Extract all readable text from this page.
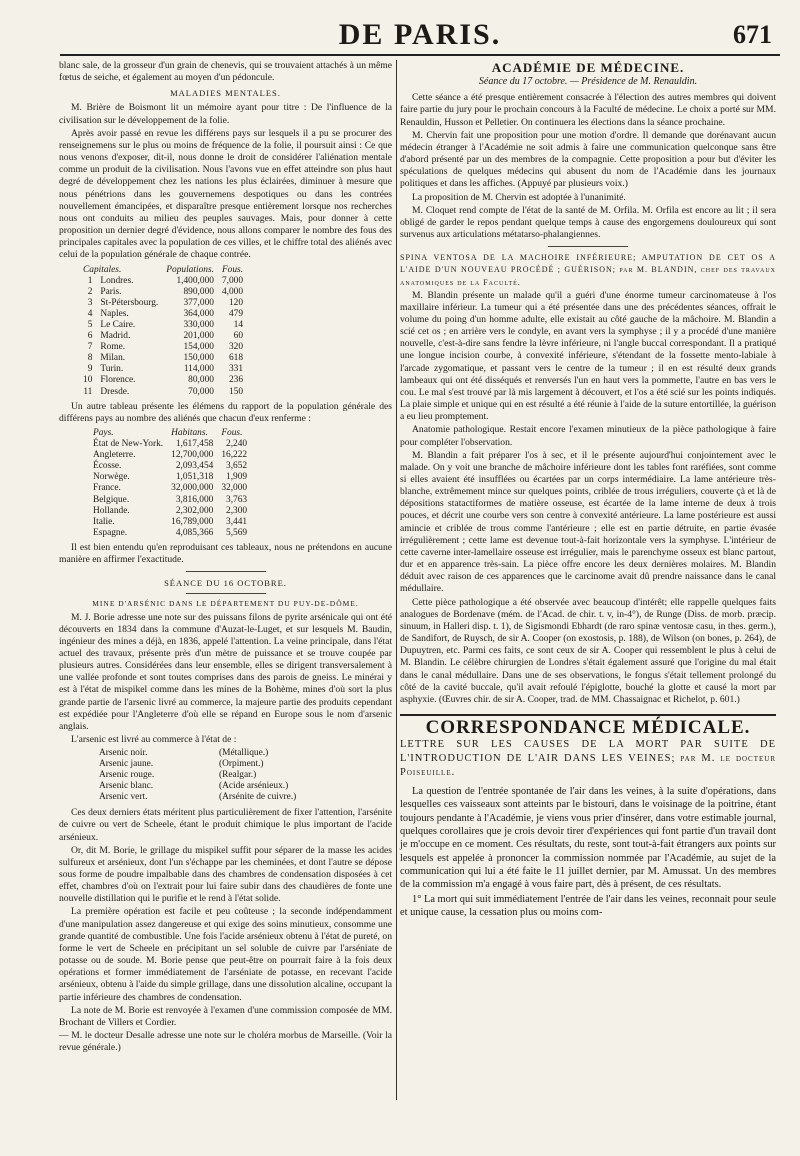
DE PARIS.	671

blanc sale, de la grosseur d'un grain de chenevis, qui se trouvaient attachés à un même fœtus de seiche, et également au moyen d'un pédoncule.

MALADIES MENTALES.

M. Brière de Boismont lit un mémoire ayant pour titre : De l'influence de la civilisation sur le développement de la folie.

Après avoir passé en revue les différens pays sur lesquels il a pu se procurer des renseignemens sur le plus ou moins de fréquence de la folie, il poursuit ainsi : Ce que nous venons d'exposer, dit-il, nous donne le droit de considérer l'aliénation mentale comme un produit de la civilisation. Nous l'avons vue en effet atteindre son plus haut degré de développement chez les nations les plus éclairées, diminuer à mesure que nous pénétrions dans les gouvernemens despotiques ou dans les contrées nouvellement émancipées, et disparaître presque entièrement lorsque nos recherches nous ont conduits au milieu des peuples sauvages. Mais, pour donner à cette proposition un dernier degré d'évidence, nous allons comparer le nombre des fous des principales capitales avec la population de ces villes, et le chiffre total des aliénés avec celui de la population générale de chaque contrée.

Capitales.		Populations.	Fous.
1	Londres.	1,400,000	7,000
2	Paris.	890,000	4,000
3	St-Pétersbourg.	377,000	120
4	Naples.	364,000	479
5	Le Caire.	330,000	14
6	Madrid.	201,000	60
7	Rome.	154,000	320
8	Milan.	150,000	618
9	Turin.	114,000	331
10	Florence.	80,000	236
11	Dresde.	70,000	150

Un autre tableau présente les élémens du rapport de la population générale des différens pays au nombre des aliénés que chacun d'eux renferme :

Pays.	Habitans.	Fous.
État de New-York.	1,617,458	2,240
Angleterre.	12,700,000	16,222
Écosse.	2,093,454	3,652
Norwège.	1,051,318	1,909
France.	32,000,000	32,000
Belgique.	3,816,000	3,763
Hollande.	2,302,000	2,300
Italie.	16,789,000	3,441
Espagne.	4,085,366	5,569

Il est bien entendu qu'en reproduisant ces tableaux, nous ne prétendons en aucune manière en affirmer l'exactitude.

SÉANCE DU 16 OCTOBRE.

MINE D'ARSÉNIC DANS LE DÉPARTEMENT DU PUY-DE-DÔME.

M. J. Borie adresse une note sur des puissans filons de pyrite arsénicale qui ont été découverts en 1834 dans la commune d'Auzat-le-Luget, et sur lesquels M. Baudin, ingénieur des mines a déjà, en 1836, appelé l'attention. La veine principale, dans l'état actuel des travaux, présente près d'un mètre de puissance et se trouve coupée par plusieurs autres. Considérées dans leur ensemble, elles se dirigent transversalement à une vallée profonde et sont toutes comprises dans des parois de gneiss. Le minérai y est à l'état de mispikel comme dans les mines de la Bohème, mines d'où sort la plus grande partie de l'arsenic livré au commerce, la majeure partie des produits cependant est expédiée pour l'Angleterre d'où elle se répand en Europe sous le nom d'arsenic anglais.

L'arsenic est livré au commerce à l'état de :

Arsenic noir.	(Métallique.)
Arsenic jaune.	(Orpiment.)
Arsenic rouge.	(Realgar.)
Arsenic blanc.	(Acide arsénieux.)
Arsenic vert.	(Arsénite de cuivre.)

Ces deux derniers états méritent plus particulièrement de fixer l'attention, l'arsénite de cuivre ou vert de Scheele, étant le produit chimique le plus important de l'acide arsénieux.

Or, dit M. Borie, le grillage du mispikel suffit pour séparer de la masse les acides sulfureux et arsénieux, dont l'un s'échappe par les cheminées, et dont l'autre se dépose sous forme de poudre impalbable dans des chambres de condensation disposées à cet effet, chambres d'où on l'extrait pour lui faire subir dans des chaudières de fonte une nouvelle distillation qui le purifie et le rend à l'état solide.

La première opération est facile et peu coûteuse ; la seconde indépendamment d'une manipulation assez dangereuse et qui exige des soins minutieux, consomme une grande quantité de combustible. Une fois l'acide arsénieux obtenu à l'état de pureté, on forme le vert de Scheele en précipitant un sel soluble de cuivre par l'arséniate de potasse ou de soude. M. Borie pense que peut-être on pourrait faire à la fois deux opérations et former immédiatement de l'arséniate de potasse, en recevant l'acide arsénieux, obtenu à l'aide du simple grillage, dans une dissolution alcaline, occupant la partie inférieure des chambres de condensation.

La note de M. Borie est renvoyée à l'examen d'une commission composée de MM. Brochant de Villers et Cordier.

— M. le docteur Desalle adresse une note sur le choléra morbus de Marseille. (Voir la revue générale.)

ACADÉMIE DE MÉDECINE.
Séance du 17 octobre. — Présidence de M. Renauldin.

Cette séance a été presque entièrement consacrée à l'élection des autres membres qui doivent faire partie du jury pour le prochain concours à la Faculté de médecine. Le choix a porté sur MM. Renauldin, Husson et Pelletier. On continuera les élections dans la séance prochaine.

M. Chervin fait une proposition pour une motion d'ordre. Il demande que dorénavant aucun médecin étranger à l'Académie ne soit admis à faire une communication quelconque sans être d'abord présenté par un des membres de la compagnie. Cette proposition a pour but d'éviter les spéculations de quelques médecins qui abusent du nom de l'Académie dans les journaux politiques et dans les affiches. (Appuyé par plusieurs voix.)

La proposition de M. Chervin est adoptée à l'unanimité.

M. Cloquet rend compte de l'état de la santé de M. Orfila. M. Orfila est encore au lit ; il sera obligé de garder le repos pendant quelque temps à cause des engorgemens douloureux qui sont survenus aux articulations métatarso-phalangiennes.

SPINA VENTOSA DE LA MACHOIRE INFÉRIEURE; AMPUTATION DE CET OS A L'AIDE D'UN NOUVEAU PROCÉDÉ ; GUÉRISON; par M. BLANDIN, chef des travaux anatomiques de la Faculté.

M. Blandin présente un malade qu'il a guéri d'une énorme tumeur carcinomateuse à l'os maxillaire inférieur. La tumeur qui a été présentée dans une des précédentes séances, offrait le volume du poing d'un homme adulte, elle existait au côté gauche de la mâchoire. M. Blandin a scié cet os ; en arrière vers le condyle, en avant vers la symphyse ; il y a procédé d'une manière nouvelle, c'est-à-dire sans fendre la lèvre inférieure, ni l'angle buccal correspondant. Il a pratiqué une longue incision courbe, à convexité inférieure, s'étendant de la fossette mento-labiale à l'arcade zygomatique, et passant vers le centre de la tumeur ; il en est résulté deux grands lambeaux qui ont été disséqués et renversés l'un en haut vers la pommette, l'autre en bas vers le cou. Le mal s'est trouvé par là mis largement à découvert, et l'os a été scié sur les points indiqués. La plaie simple et unique qui en est résulté a été réunie à l'aide de la suture entortillée, la guérison a eu lieu promptement.

Anatomie pathologique. Restait encore l'examen minutieux de la pièce pathologique à faire pour compléter l'observation.

M. Blandin a fait préparer l'os à sec, et il le présente aujourd'hui conjointement avec le malade. On y voit une branche de mâchoire inférieure dont les tables font raréfiées, sont comme si elles avaient été insufflées ou écartées par un corps intermédiaire. La lame antérieure très-blanche, extrêmement mince sur quelques points, criblée de trous irréguliers, couverte çà et là de dépositions statactiformes de matière osseuse, est écartée de la lame interne de deux à trois pouces, et décrit une courbe vers son centre à convexité antérieure. La lame postérieure est aussi amincie et criblée de trous comme l'antérieure ; elle est en partie détruite, en partie évasée irrégulièrement ; cette lame est devenue tout-à-fait horizontale vers la symphyse. L'intérieur de cette caverne inter-lamellaire osseuse est irrégulier, mais le parenchyme osseux est blanc partout, dur et en apparence très-sain. La pièce offre encore les deux dernières molaires. M. Blandin déduit avec raison de ces apparences que le carcinome avait dû prendre naissance dans le canal médullaire.

Cette pièce pathologique a été observée avec beaucoup d'intérêt; elle rappelle quelques faits analogues de Bordenave (mém. de l'Acad. de chir. t. v, in-4°), de Runge (Diss. de morb. præcip. sinuum, in Halleri disp. t. 1), de Sigismondi Ebhardt (de raro spinæ ventosæ casu, in thes. germ.), de Sandifort, de Ruysch, de sir A. Cooper (on exostosis, p. 188), de Wilson (on bones, p. 264), de Dupuytren, etc. Parmi ces faits, ce sont ceux de sir A. Cooper qui ressemblent le plus à celui de M. Blandin. Le célèbre chirurgien de Londres s'était également assuré que l'origine du mal était dans le canal médullaire. Dans une de ses observations, le fongus s'était tellement prolongé du côté de la cavité buccale, qu'il avait refoulé l'épiglotte, bouché la glotte et causé la mort par asphyxie. (Œuvres chir. de sir A. Cooper, trad. de MM. Chassaignac et Richelot, p. 601.)

CORRESPONDANCE MÉDICALE.
LETTRE SUR LES CAUSES DE LA MORT PAR SUITE DE L'INTRODUCTION DE L'AIR DANS LES VEINES; par M. le docteur Poiseuille.

La question de l'entrée spontanée de l'air dans les veines, à la suite d'opérations, dans lesquelles ces vaisseaux sont atteints par le bistouri, dans le voisinage de la poitrine, étant toujours pendante à l'Académie, je viens vous prier d'insérer, dans votre estimable journal, quelques corollaires que je crois devoir tirer d'expériences qui font partie d'un travail dont je m'occupe en ce moment. Ces résultats, du reste, sont tout-à-fait étrangers aux points sur lesquels est appelée à prononcer la commission nommée par l'Académie, au sujet de la communication qui lui a été faite le 11 juillet dernier, par M. Amussat. Un des membres de la commission m'a engagé à vous faire part, dès à présent, de ces résultats.

1° La mort qui suit immédiatement l'entrée de l'air dans les veines, reconnait pour seule et unique cause, la cessation plus ou moins com-
